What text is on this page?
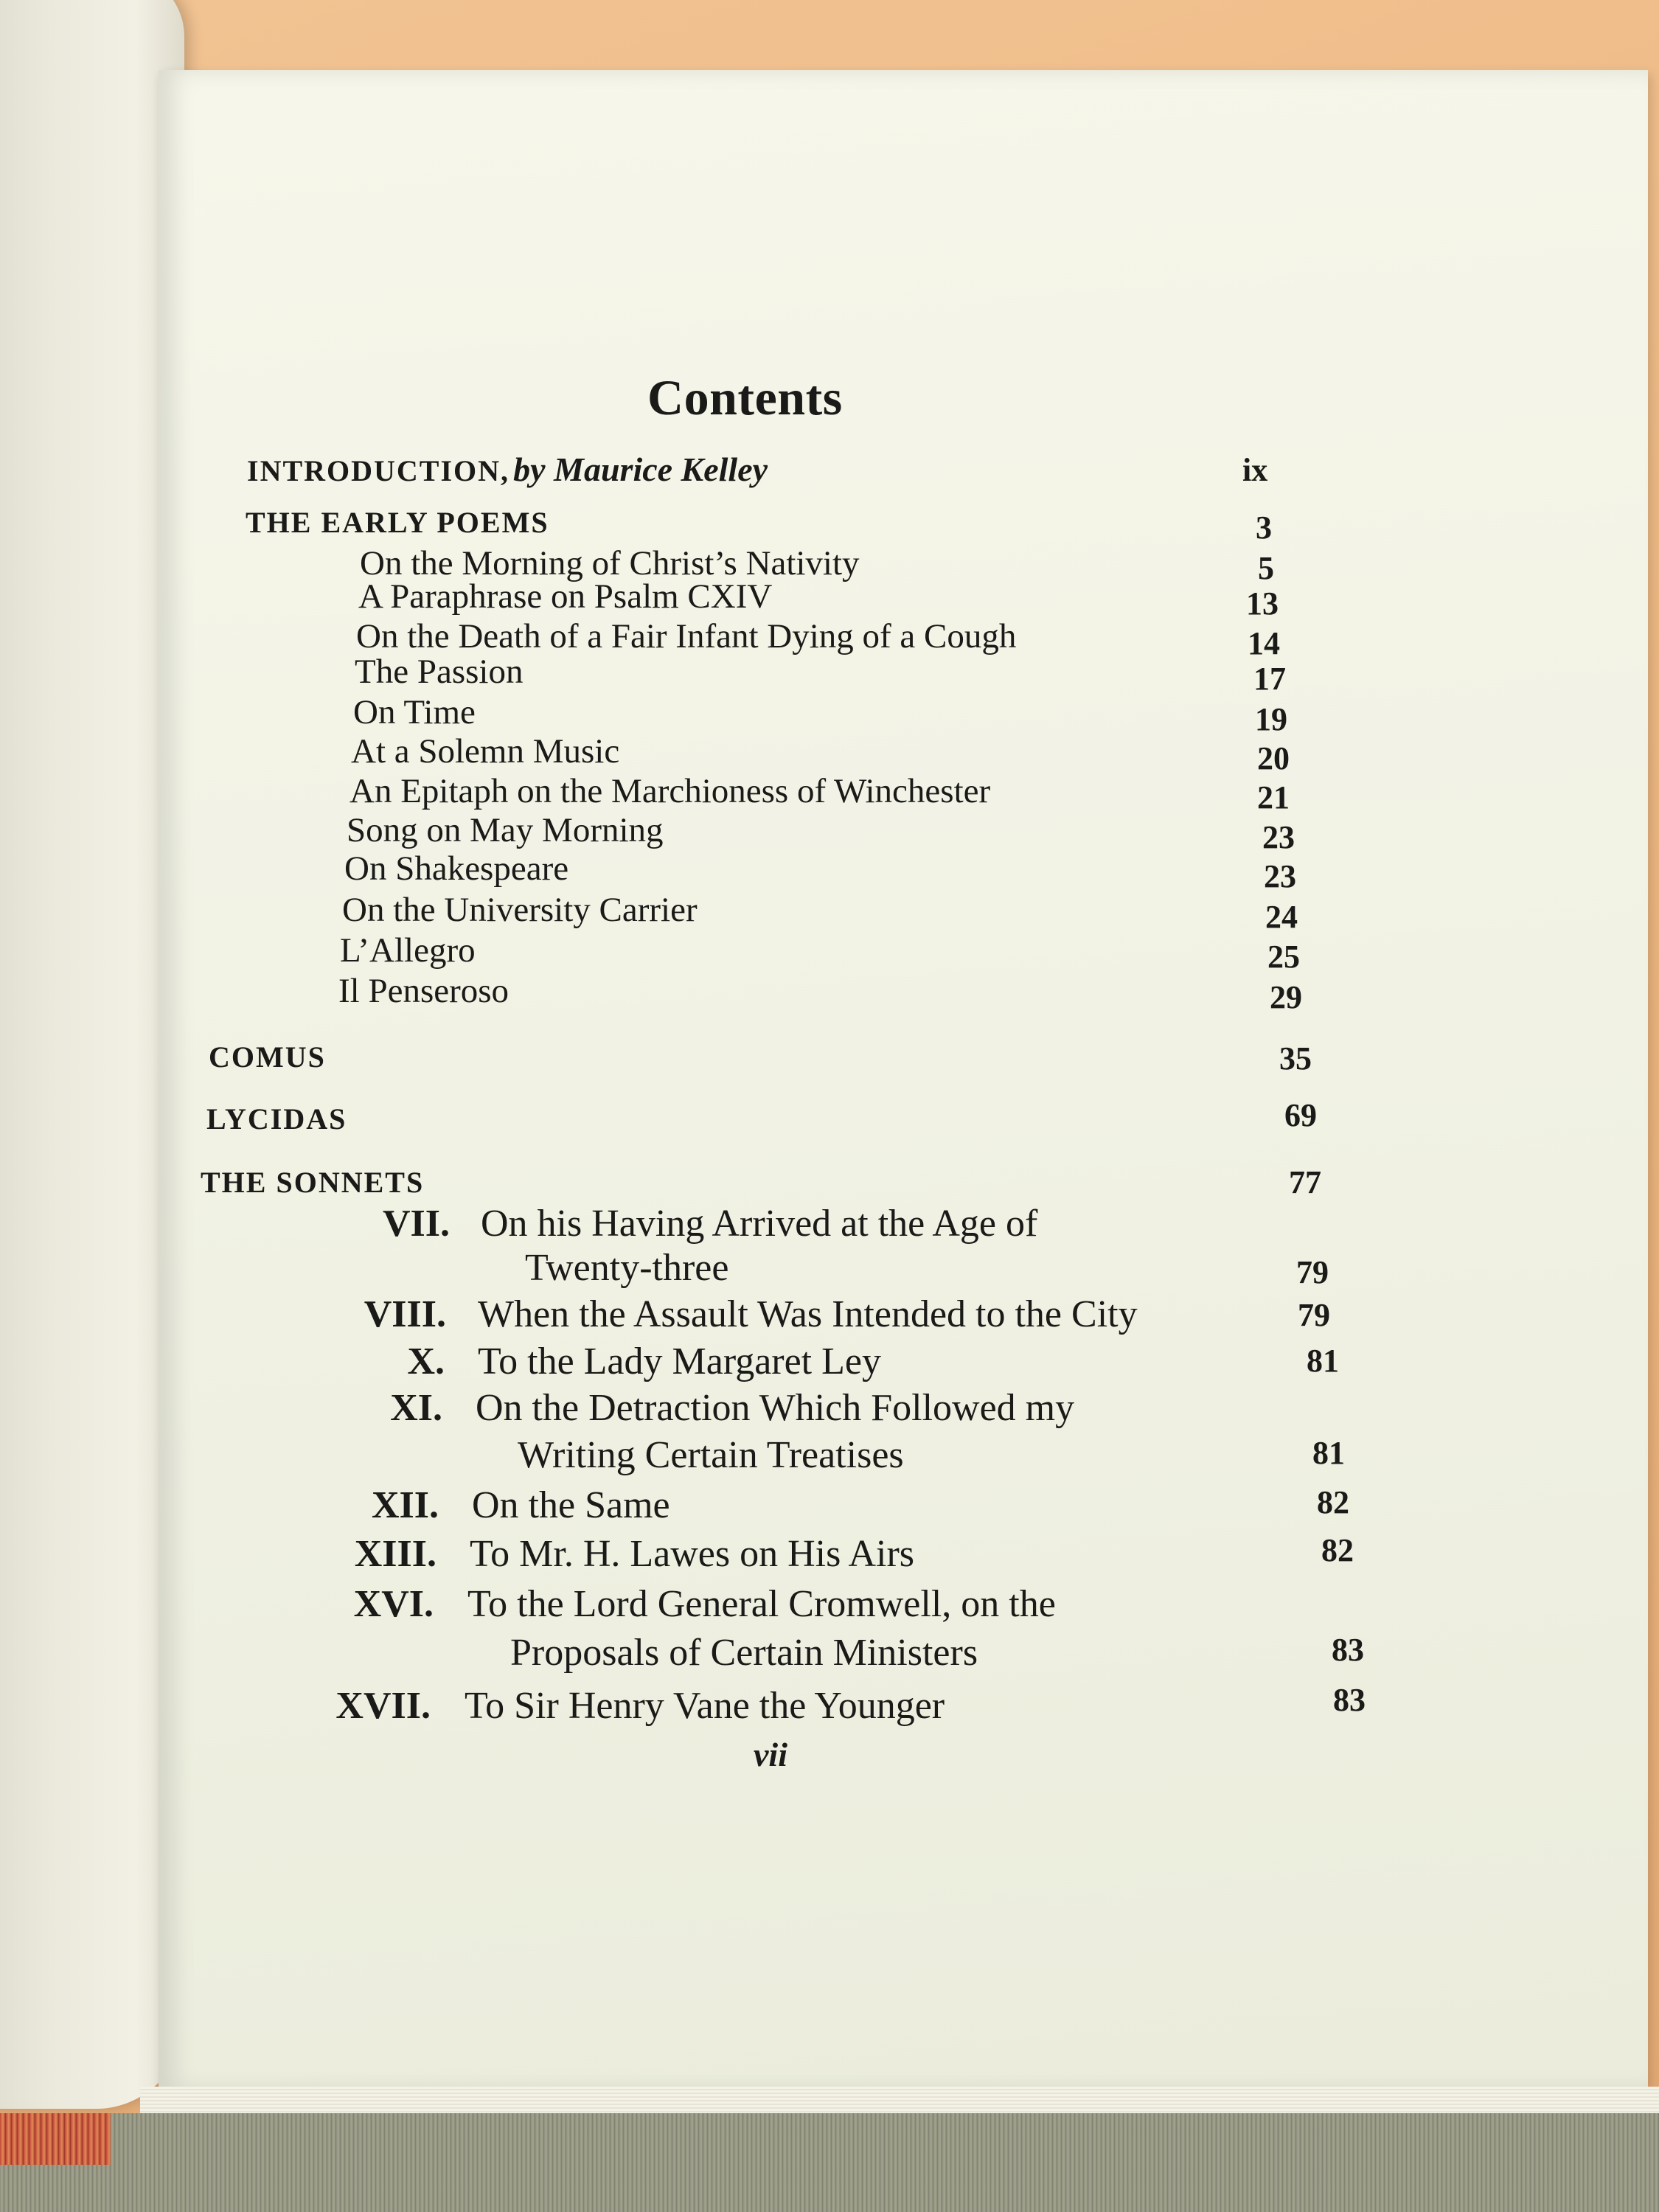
Contents
INTRODUCTION, by Maurice Kelley	ix
THE EARLY POEMS	3
On the Morning of Christ’s Nativity	5
A Paraphrase on Psalm CXIV	13
On the Death of a Fair Infant Dying of a Cough	14
The Passion	17
On Time	19
At a Solemn Music	20
An Epitaph on the Marchioness of Winchester	21
Song on May Morning	23
On Shakespeare	23
On the University Carrier	24
L’Allegro	25
Il Penseroso	29
COMUS	35
LYCIDAS	69
THE SONNETS	77
VII. On his Having Arrived at the Age of
Twenty-three	79
VIII. When the Assault Was Intended to the City	79
X. To the Lady Margaret Ley	81
XI. On the Detraction Which Followed my
Writing Certain Treatises	81
XII. On the Same	82
XIII. To Mr. H. Lawes on His Airs	82
XVI. To the Lord General Cromwell, on the
Proposals of Certain Ministers	83
XVII. To Sir Henry Vane the Younger	83
vii
